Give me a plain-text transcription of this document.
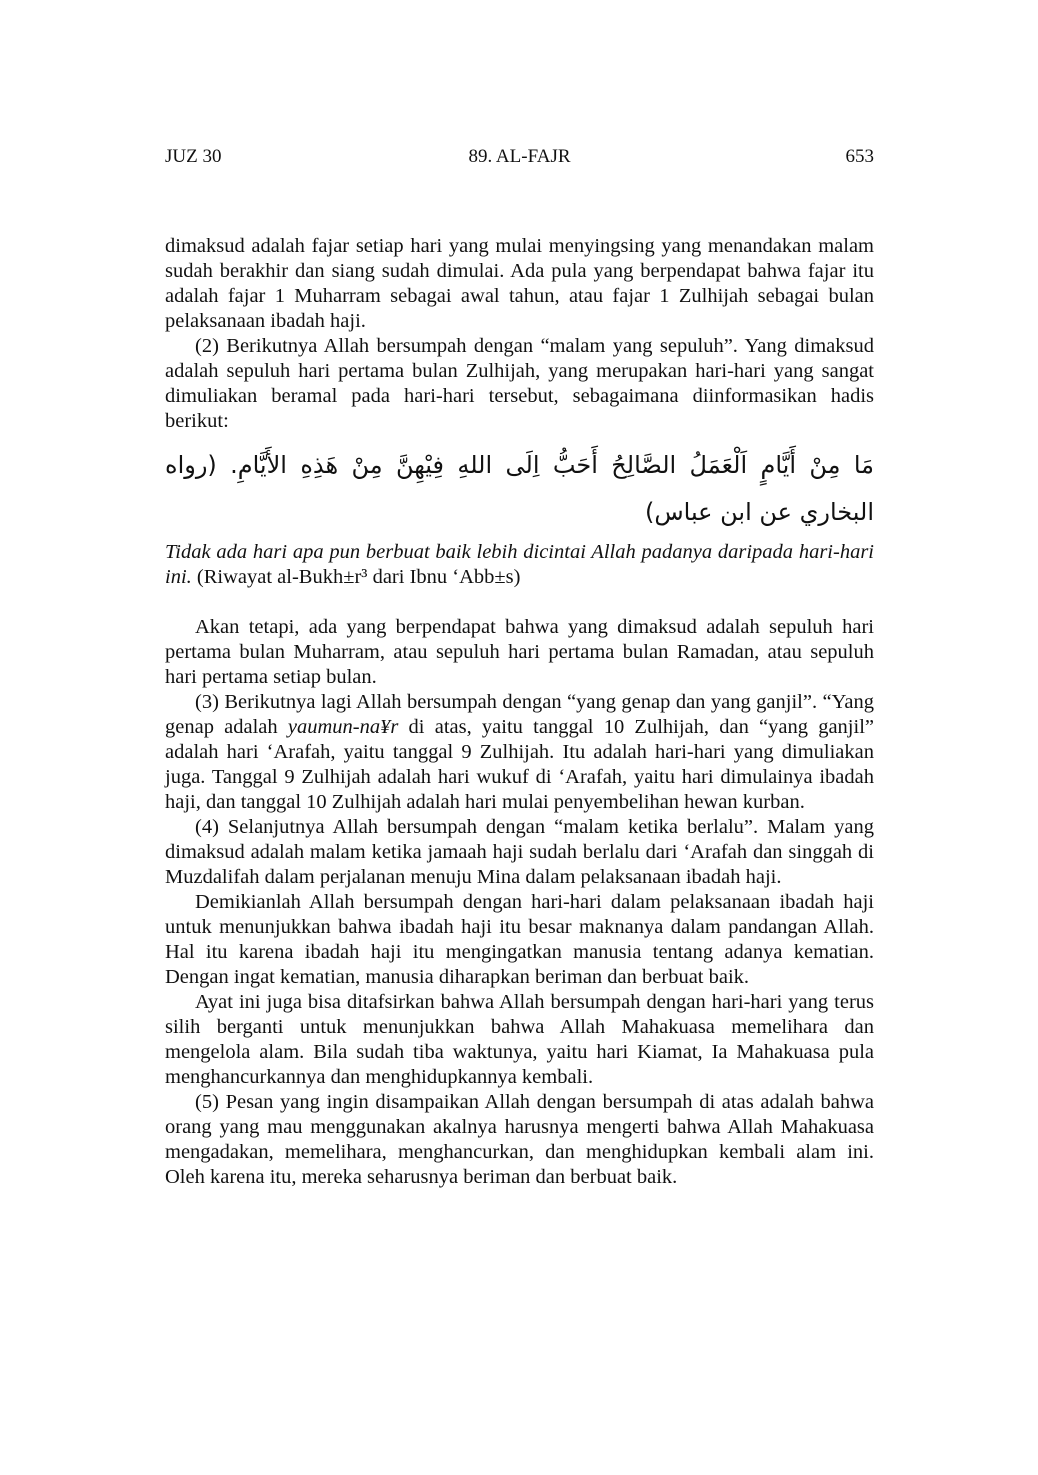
JUZ 30	89. AL-FAJR	653

dimaksud adalah fajar setiap hari yang mulai menyingsing yang menandakan malam sudah berakhir dan siang sudah dimulai. Ada pula yang berpendapat bahwa fajar itu adalah fajar 1 Muharram sebagai awal tahun, atau fajar 1 Zulhijah sebagai bulan pelaksanaan ibadah haji.

(2) Berikutnya Allah bersumpah dengan “malam yang sepuluh”. Yang dimaksud adalah sepuluh hari pertama bulan Zulhijah, yang merupakan hari-hari yang sangat dimuliakan beramal pada hari-hari tersebut, sebagaimana diinformasikan hadis berikut:

مَا مِنْ أَيَّامٍ اَلْعَمَلُ الصَّالِحُ أَحَبُّ اِلَى اللهِ فِيْهِنَّ مِنْ هَذِهِ الأَيَّامِ. (رواه البخاري عن ابن عباس)

Tidak ada hari apa pun berbuat baik lebih dicintai Allah padanya daripada hari-hari ini. (Riwayat al-Bukh±r³ dari Ibnu ‘Abb±s)

Akan tetapi, ada yang berpendapat bahwa yang dimaksud adalah sepuluh hari pertama bulan Muharram, atau sepuluh hari pertama bulan Ramadan, atau sepuluh hari pertama setiap bulan.

(3) Berikutnya lagi Allah bersumpah dengan “yang genap dan yang ganjil”. “Yang genap adalah yaumun-na¥r di atas, yaitu tanggal 10 Zulhijah, dan “yang ganjil” adalah hari ‘Arafah, yaitu tanggal 9 Zulhijah. Itu adalah hari-hari yang dimuliakan juga. Tanggal 9 Zulhijah adalah hari wukuf di ‘Arafah, yaitu hari dimulainya ibadah haji, dan tanggal 10 Zulhijah adalah hari mulai penyembelihan hewan kurban.

(4) Selanjutnya Allah bersumpah dengan “malam ketika berlalu”. Malam yang dimaksud adalah malam ketika jamaah haji sudah berlalu dari ‘Arafah dan singgah di Muzdalifah dalam perjalanan menuju Mina dalam pelaksanaan ibadah haji.

Demikianlah Allah bersumpah dengan hari-hari dalam pelaksanaan ibadah haji untuk menunjukkan bahwa ibadah haji itu besar maknanya dalam pandangan Allah. Hal itu karena ibadah haji itu mengingatkan manusia tentang adanya kematian. Dengan ingat kematian, manusia diharapkan beriman dan berbuat baik.

Ayat ini juga bisa ditafsirkan bahwa Allah bersumpah dengan hari-hari yang terus silih berganti untuk menunjukkan bahwa Allah Mahakuasa memelihara dan mengelola alam. Bila sudah tiba waktunya, yaitu hari Kiamat, Ia Mahakuasa pula menghancurkannya dan menghidupkannya kembali.

(5) Pesan yang ingin disampaikan Allah dengan bersumpah di atas adalah bahwa orang yang mau menggunakan akalnya harusnya mengerti bahwa Allah Mahakuasa mengadakan, memelihara, menghancurkan, dan menghidupkan kembali alam ini. Oleh karena itu, mereka seharusnya beriman dan berbuat baik.
